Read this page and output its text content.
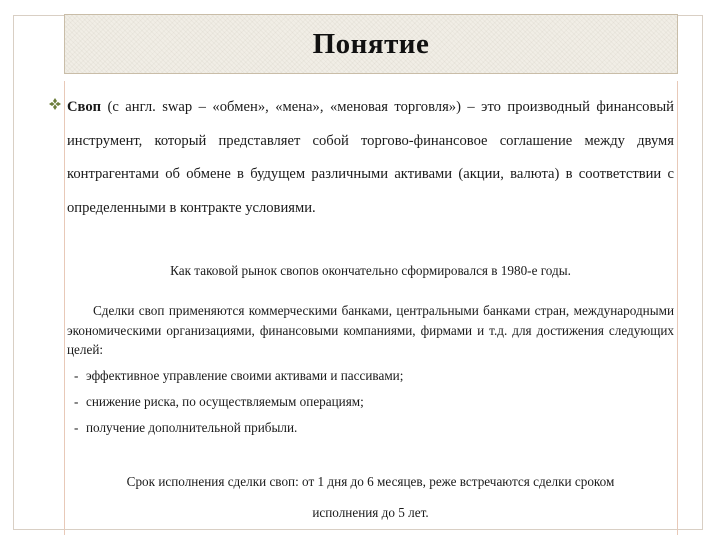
Понятие

Своп (с англ. swap – «обмен», «мена», «меновая торговля») – это производный финансовый инструмент, который представляет собой торгово-финансовое соглашение между двумя контрагентами об обмене в будущем различными активами (акции, валюта) в соответствии с определенными в контракте условиями.

Как таковой рынок свопов окончательно сформировался в 1980-е годы.

Сделки своп применяются коммерческими банками, центральными банками стран, международными экономическими организациями, финансовыми компаниями, фирмами и т.д. для достижения следующих целей:

- эффективное управление своими активами и пассивами;
- снижение риска, по осуществляемым операциям;
- получение дополнительной прибыли.

Срок исполнения сделки своп: от 1 дня до 6 месяцев, реже встречаются сделки сроком

исполнения до 5 лет.
